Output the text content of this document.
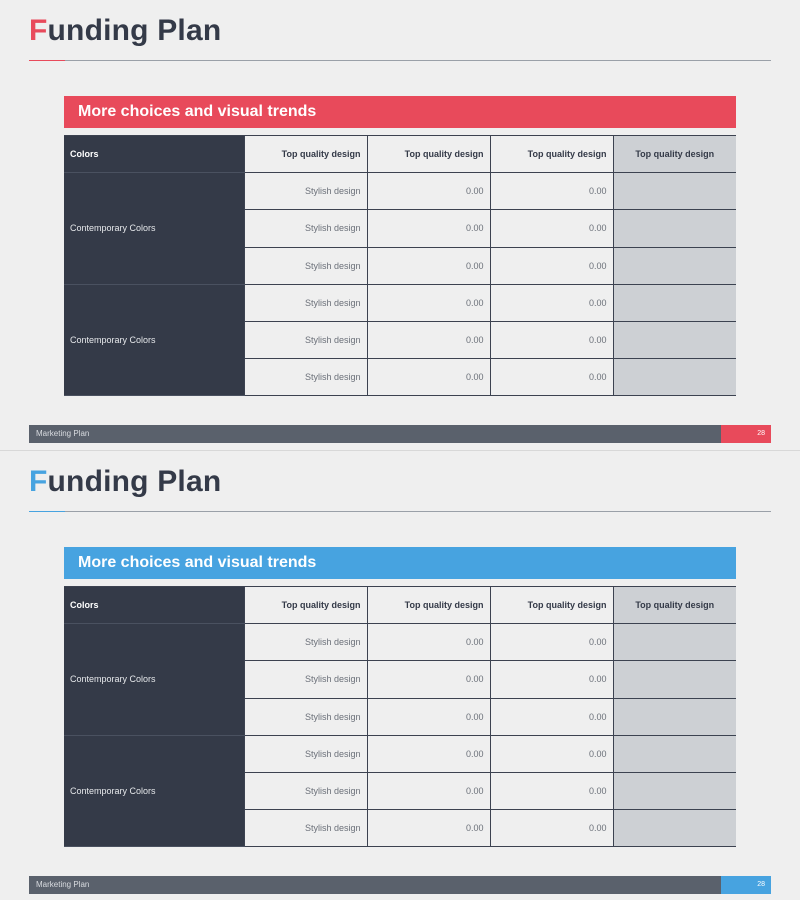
Funding Plan
More choices and visual trends
Colors	Top quality design	Top quality design	Top quality design	Top quality design
Contemporary Colors	Stylish design	0.00	0.00	
	Stylish design	0.00	0.00	
	Stylish design	0.00	0.00	
Contemporary Colors	Stylish design	0.00	0.00	
	Stylish design	0.00	0.00	
	Stylish design	0.00	0.00	
Marketing Plan	28
Funding Plan
More choices and visual trends
Colors	Top quality design	Top quality design	Top quality design	Top quality design
Contemporary Colors	Stylish design	0.00	0.00	
	Stylish design	0.00	0.00	
	Stylish design	0.00	0.00	
Contemporary Colors	Stylish design	0.00	0.00	
	Stylish design	0.00	0.00	
	Stylish design	0.00	0.00	
Marketing Plan	28
